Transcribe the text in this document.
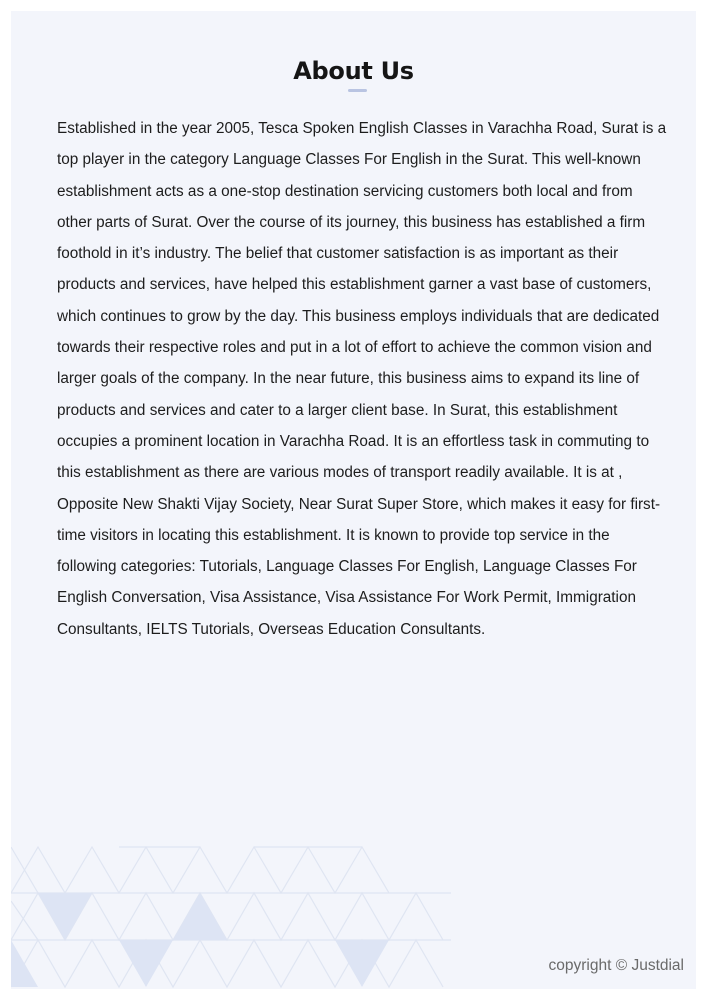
About Us

Established in the year 2005, Tesca Spoken English Classes in Varachha Road, Surat is a top player in the category Language Classes For English in the Surat. This well-known establishment acts as a one-stop destination servicing customers both local and from other parts of Surat. Over the course of its journey, this business has established a firm foothold in it’s industry. The belief that customer satisfaction is as important as their products and services, have helped this establishment garner a vast base of customers, which continues to grow by the day. This business employs individuals that are dedicated towards their respective roles and put in a lot of effort to achieve the common vision and larger goals of the company. In the near future, this business aims to expand its line of products and services and cater to a larger client base. In Surat, this establishment occupies a prominent location in Varachha Road. It is an effortless task in commuting to this establishment as there are various modes of transport readily available. It is at , Opposite New Shakti Vijay Society, Near Surat Super Store, which makes it easy for first-time visitors in locating this establishment. It is known to provide top service in the following categories: Tutorials, Language Classes For English, Language Classes For English Conversation, Visa Assistance, Visa Assistance For Work Permit, Immigration Consultants, IELTS Tutorials, Overseas Education Consultants.

copyright © Justdial
